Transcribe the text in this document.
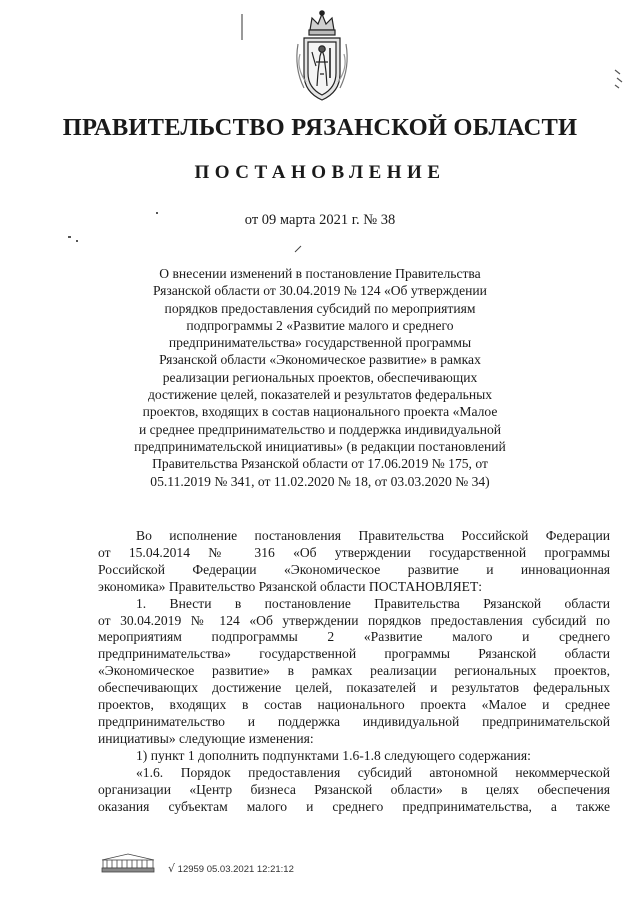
ПРАВИТЕЛЬСТВО РЯЗАНСКОЙ ОБЛАСТИ
ПОСТАНОВЛЕНИЕ
от 09 марта 2021 г. № 38
О внесении изменений в постановление Правительства
Рязанской области от 30.04.2019 № 124 «Об утверждении
порядков предоставления субсидий по мероприятиям
подпрограммы 2 «Развитие малого и среднего
предпринимательства» государственной программы
Рязанской области «Экономическое развитие» в рамках
реализации региональных проектов, обеспечивающих
достижение целей, показателей и результатов федеральных
проектов, входящих в состав национального проекта «Малое
и среднее предпринимательство и поддержка индивидуальной
предпринимательской инициативы» (в редакции постановлений
Правительства Рязанской области от 17.06.2019 № 175, от
05.11.2019 № 341, от 11.02.2020 № 18, от 03.03.2020 № 34)
Во исполнение постановления Правительства Российской Федерации
от 15.04.2014 № 316 «Об утверждении государственной программы
Российской Федерации «Экономическое развитие и инновационная
экономика» Правительство Рязанской области ПОСТАНОВЛЯЕТ:
1. Внести в постановление Правительства Рязанской области
от 30.04.2019 № 124 «Об утверждении порядков предоставления субсидий по
мероприятиям подпрограммы 2 «Развитие малого и среднего
предпринимательства» государственной программы Рязанской области
«Экономическое развитие» в рамках реализации региональных проектов,
обеспечивающих достижение целей, показателей и результатов федеральных
проектов, входящих в состав национального проекта «Малое и среднее
предпринимательство и поддержка индивидуальной предпринимательской
инициативы» следующие изменения:
1) пункт 1 дополнить подпунктами 1.6-1.8 следующего содержания:
«1.6. Порядок предоставления субсидий автономной некоммерческой
организации «Центр бизнеса Рязанской области» в целях обеспечения
оказания субъектам малого и среднего предпринимательства, а также
√ 12959 05.03.2021 12:21:12
